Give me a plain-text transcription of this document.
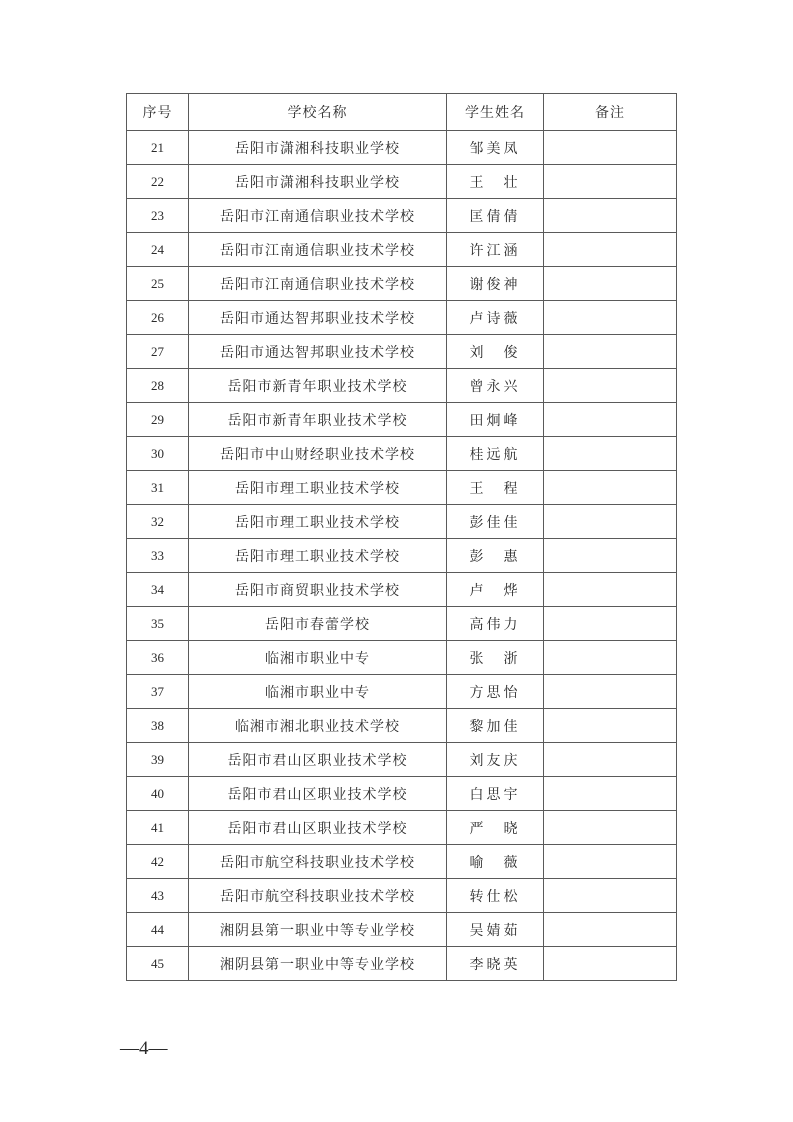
序号	学校名称	学生姓名	备注
21	岳阳市潇湘科技职业学校	邹美凤	
22	岳阳市潇湘科技职业学校	王　壮	
23	岳阳市江南通信职业技术学校	匡倩倩	
24	岳阳市江南通信职业技术学校	许江涵	
25	岳阳市江南通信职业技术学校	谢俊神	
26	岳阳市通达智邦职业技术学校	卢诗薇	
27	岳阳市通达智邦职业技术学校	刘　俊	
28	岳阳市新青年职业技术学校	曾永兴	
29	岳阳市新青年职业技术学校	田炯峰	
30	岳阳市中山财经职业技术学校	桂远航	
31	岳阳市理工职业技术学校	王　程	
32	岳阳市理工职业技术学校	彭佳佳	
33	岳阳市理工职业技术学校	彭　惠	
34	岳阳市商贸职业技术学校	卢　烨	
35	岳阳市春蕾学校	高伟力	
36	临湘市职业中专	张　浙	
37	临湘市职业中专	方思怡	
38	临湘市湘北职业技术学校	黎加佳	
39	岳阳市君山区职业技术学校	刘友庆	
40	岳阳市君山区职业技术学校	白思宇	
41	岳阳市君山区职业技术学校	严　晓	
42	岳阳市航空科技职业技术学校	喻　薇	
43	岳阳市航空科技职业技术学校	转仕松	
44	湘阴县第一职业中等专业学校	吴婧茹	
45	湘阴县第一职业中等专业学校	李晓英	
—4—
